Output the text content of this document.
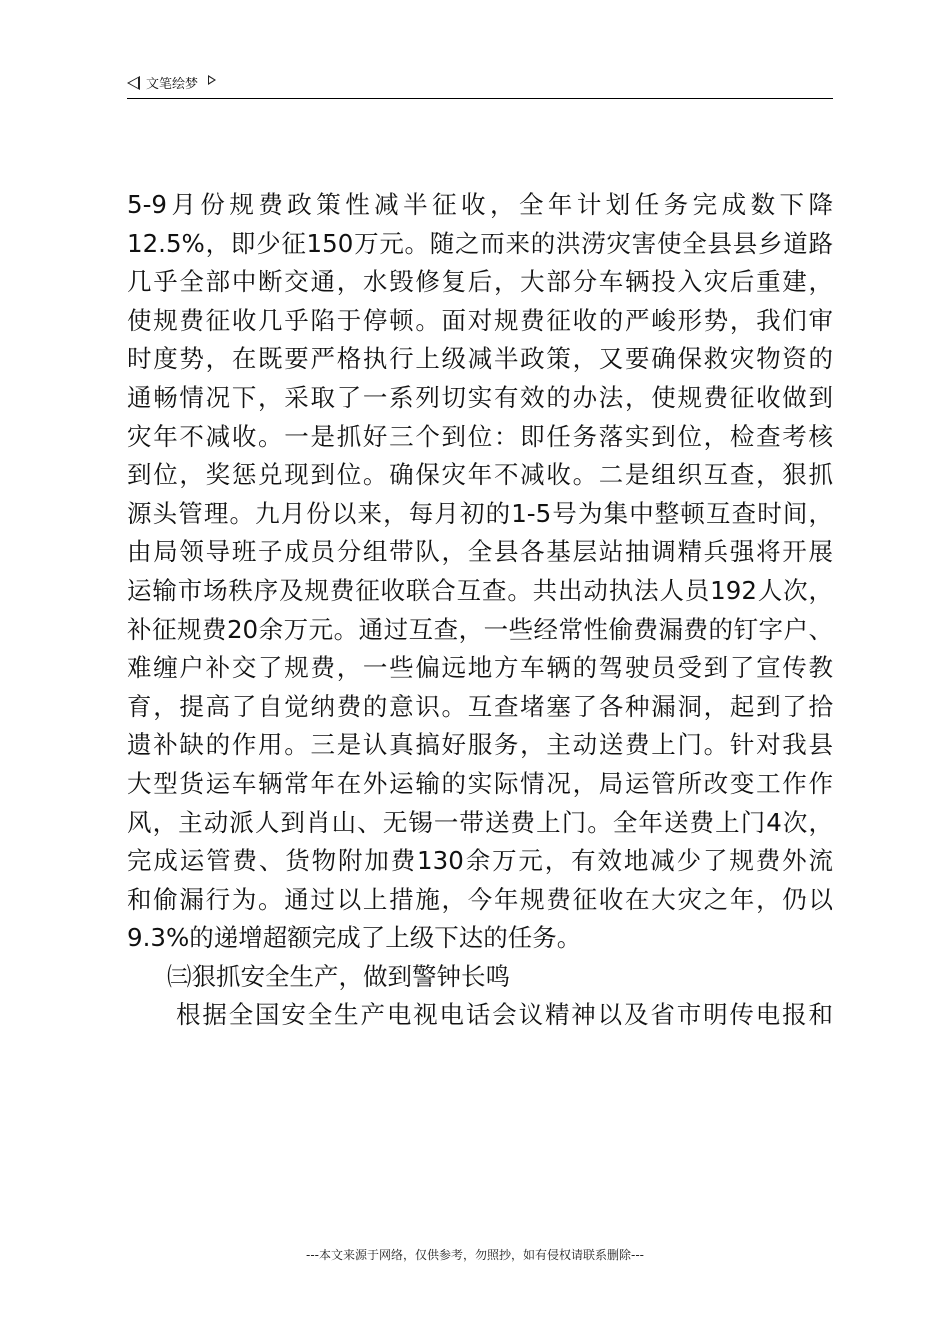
文笔绘梦
5-9月份规费政策性减半征收，全年计划任务完成数下降
12.5%，即少征150万元。随之而来的洪涝灾害使全县县乡道路
几乎全部中断交通，水毁修复后，大部分车辆投入灾后重建，
使规费征收几乎陷于停顿。面对规费征收的严峻形势，我们审
时度势，在既要严格执行上级减半政策，又要确保救灾物资的
通畅情况下，采取了一系列切实有效的办法，使规费征收做到
灾年不减收。一是抓好三个到位：即任务落实到位，检查考核
到位，奖惩兑现到位。确保灾年不减收。二是组织互查，狠抓
源头管理。九月份以来，每月初的1-5号为集中整顿互查时间，
由局领导班子成员分组带队，全县各基层站抽调精兵强将开展
运输市场秩序及规费征收联合互查。共出动执法人员192人次，
补征规费20余万元。通过互查，一些经常性偷费漏费的钉字户、
难缠户补交了规费，一些偏远地方车辆的驾驶员受到了宣传教
育，提高了自觉纳费的意识。互查堵塞了各种漏洞，起到了拾
遗补缺的作用。三是认真搞好服务，主动送费上门。针对我县
大型货运车辆常年在外运输的实际情况，局运管所改变工作作
风，主动派人到肖山、无锡一带送费上门。全年送费上门4次，
完成运管费、货物附加费130余万元，有效地减少了规费外流
和偷漏行为。通过以上措施，今年规费征收在大灾之年，仍以
9.3%的递增超额完成了上级下达的任务。
㈢狠抓安全生产，做到警钟长鸣
根据全国安全生产电视电话会议精神以及省市明传电报和
---本文来源于网络，仅供参考，勿照抄，如有侵权请联系删除---
